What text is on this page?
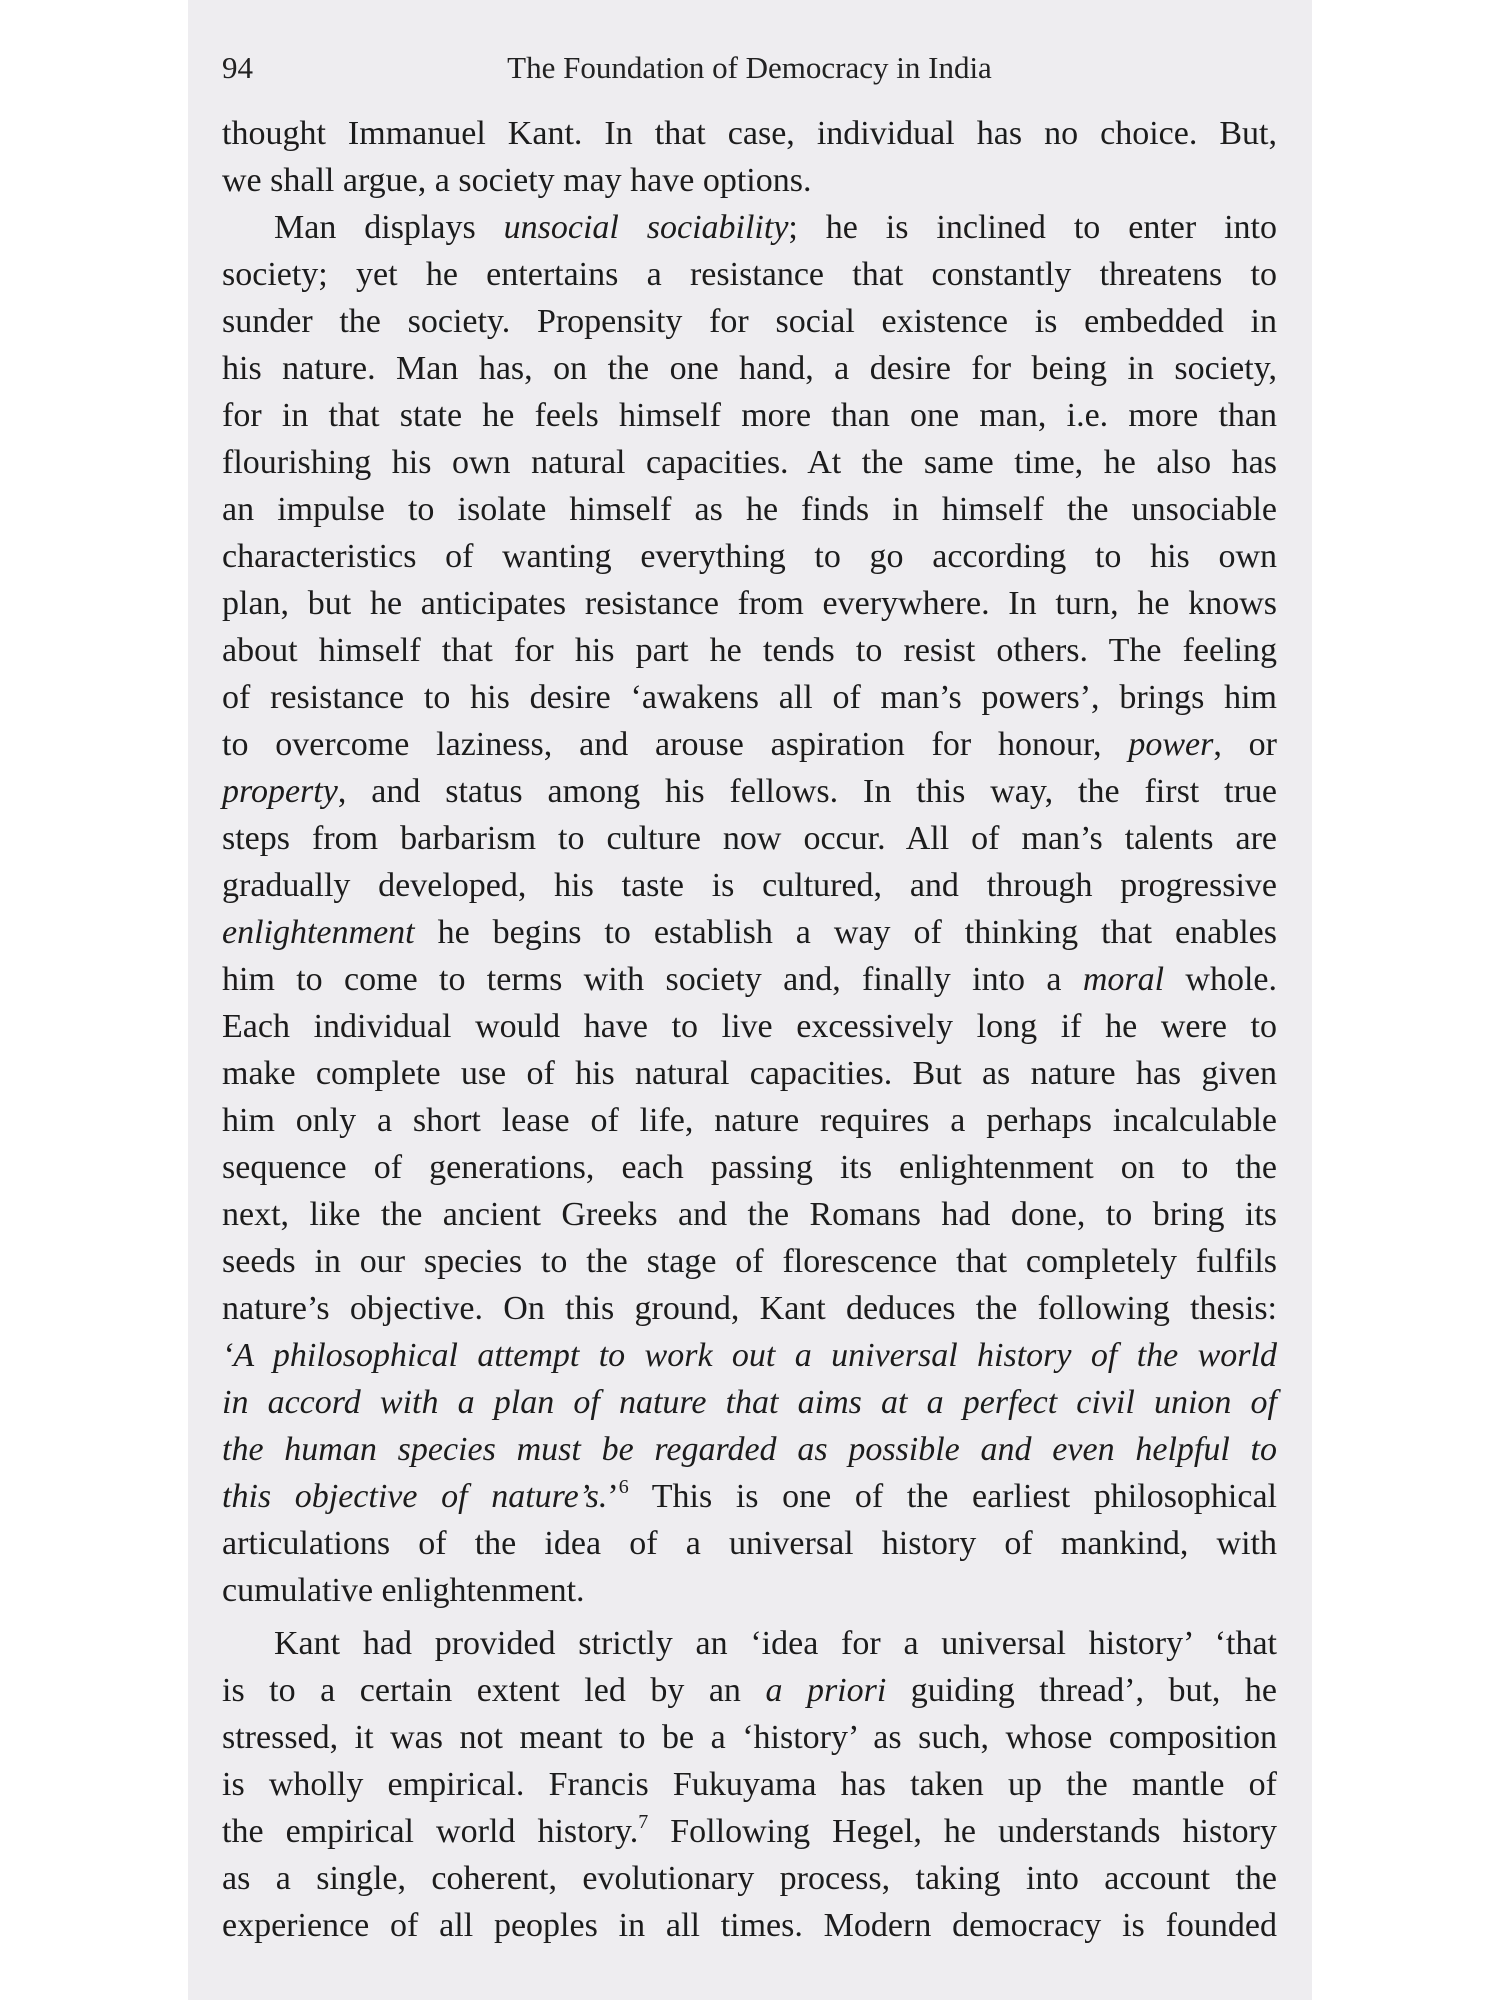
94	The Foundation of Democracy in India
thought Immanuel Kant. In that case, individual has no choice. But,
we shall argue, a society may have options.
Man displays unsocial sociability; he is inclined to enter into
society; yet he entertains a resistance that constantly threatens to
sunder the society. Propensity for social existence is embedded in
his nature. Man has, on the one hand, a desire for being in society,
for in that state he feels himself more than one man, i.e. more than
flourishing his own natural capacities. At the same time, he also has
an impulse to isolate himself as he finds in himself the unsociable
characteristics of wanting everything to go according to his own
plan, but he anticipates resistance from everywhere. In turn, he knows
about himself that for his part he tends to resist others. The feeling
of resistance to his desire ‘awakens all of man’s powers’, brings him
to overcome laziness, and arouse aspiration for honour, power, or
property, and status among his fellows. In this way, the first true
steps from barbarism to culture now occur. All of man’s talents are
gradually developed, his taste is cultured, and through progressive
enlightenment he begins to establish a way of thinking that enables
him to come to terms with society and, finally into a moral whole.
Each individual would have to live excessively long if he were to
make complete use of his natural capacities. But as nature has given
him only a short lease of life, nature requires a perhaps incalculable
sequence of generations, each passing its enlightenment on to the
next, like the ancient Greeks and the Romans had done, to bring its
seeds in our species to the stage of florescence that completely fulfils
nature’s objective. On this ground, Kant deduces the following thesis:
‘A philosophical attempt to work out a universal history of the world
in accord with a plan of nature that aims at a perfect civil union of
the human species must be regarded as possible and even helpful to
this objective of nature’s.’$^6$ This is one of the earliest philosophical
articulations of the idea of a universal history of mankind, with
cumulative enlightenment.
Kant had provided strictly an ‘idea for a universal history’ ‘that
is to a certain extent led by an a priori guiding thread’, but, he
stressed, it was not meant to be a ‘history’ as such, whose composition
is wholly empirical. Francis Fukuyama has taken up the mantle of
the empirical world history.$^7$ Following Hegel, he understands history
as a single, coherent, evolutionary process, taking into account the
experience of all peoples in all times. Modern democracy is founded
